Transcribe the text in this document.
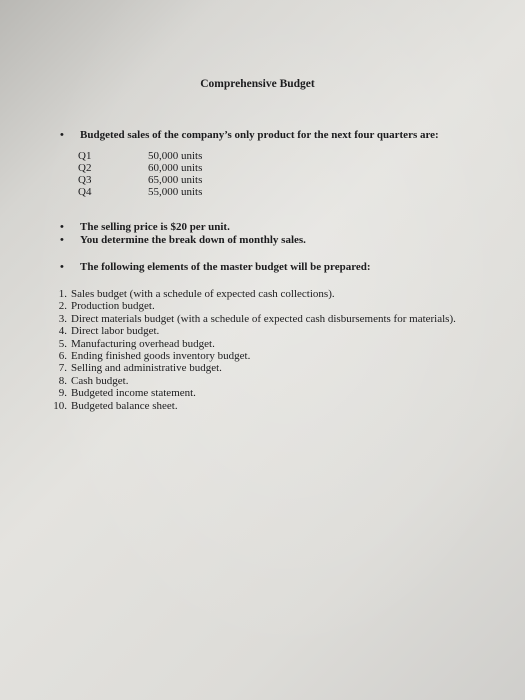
Comprehensive Budget
• Budgeted sales of the company’s only product for the next four quarters are:
Q1	50,000 units
Q2	60,000 units
Q3	65,000 units
Q4	55,000 units
• The selling price is $20 per unit.
• You determine the break down of monthly sales.
• The following elements of the master budget will be prepared:
1. Sales budget (with a schedule of expected cash collections).
2. Production budget.
3. Direct materials budget (with a schedule of expected cash disbursements for materials).
4. Direct labor budget.
5. Manufacturing overhead budget.
6. Ending finished goods inventory budget.
7. Selling and administrative budget.
8. Cash budget.
9. Budgeted income statement.
10. Budgeted balance sheet.
